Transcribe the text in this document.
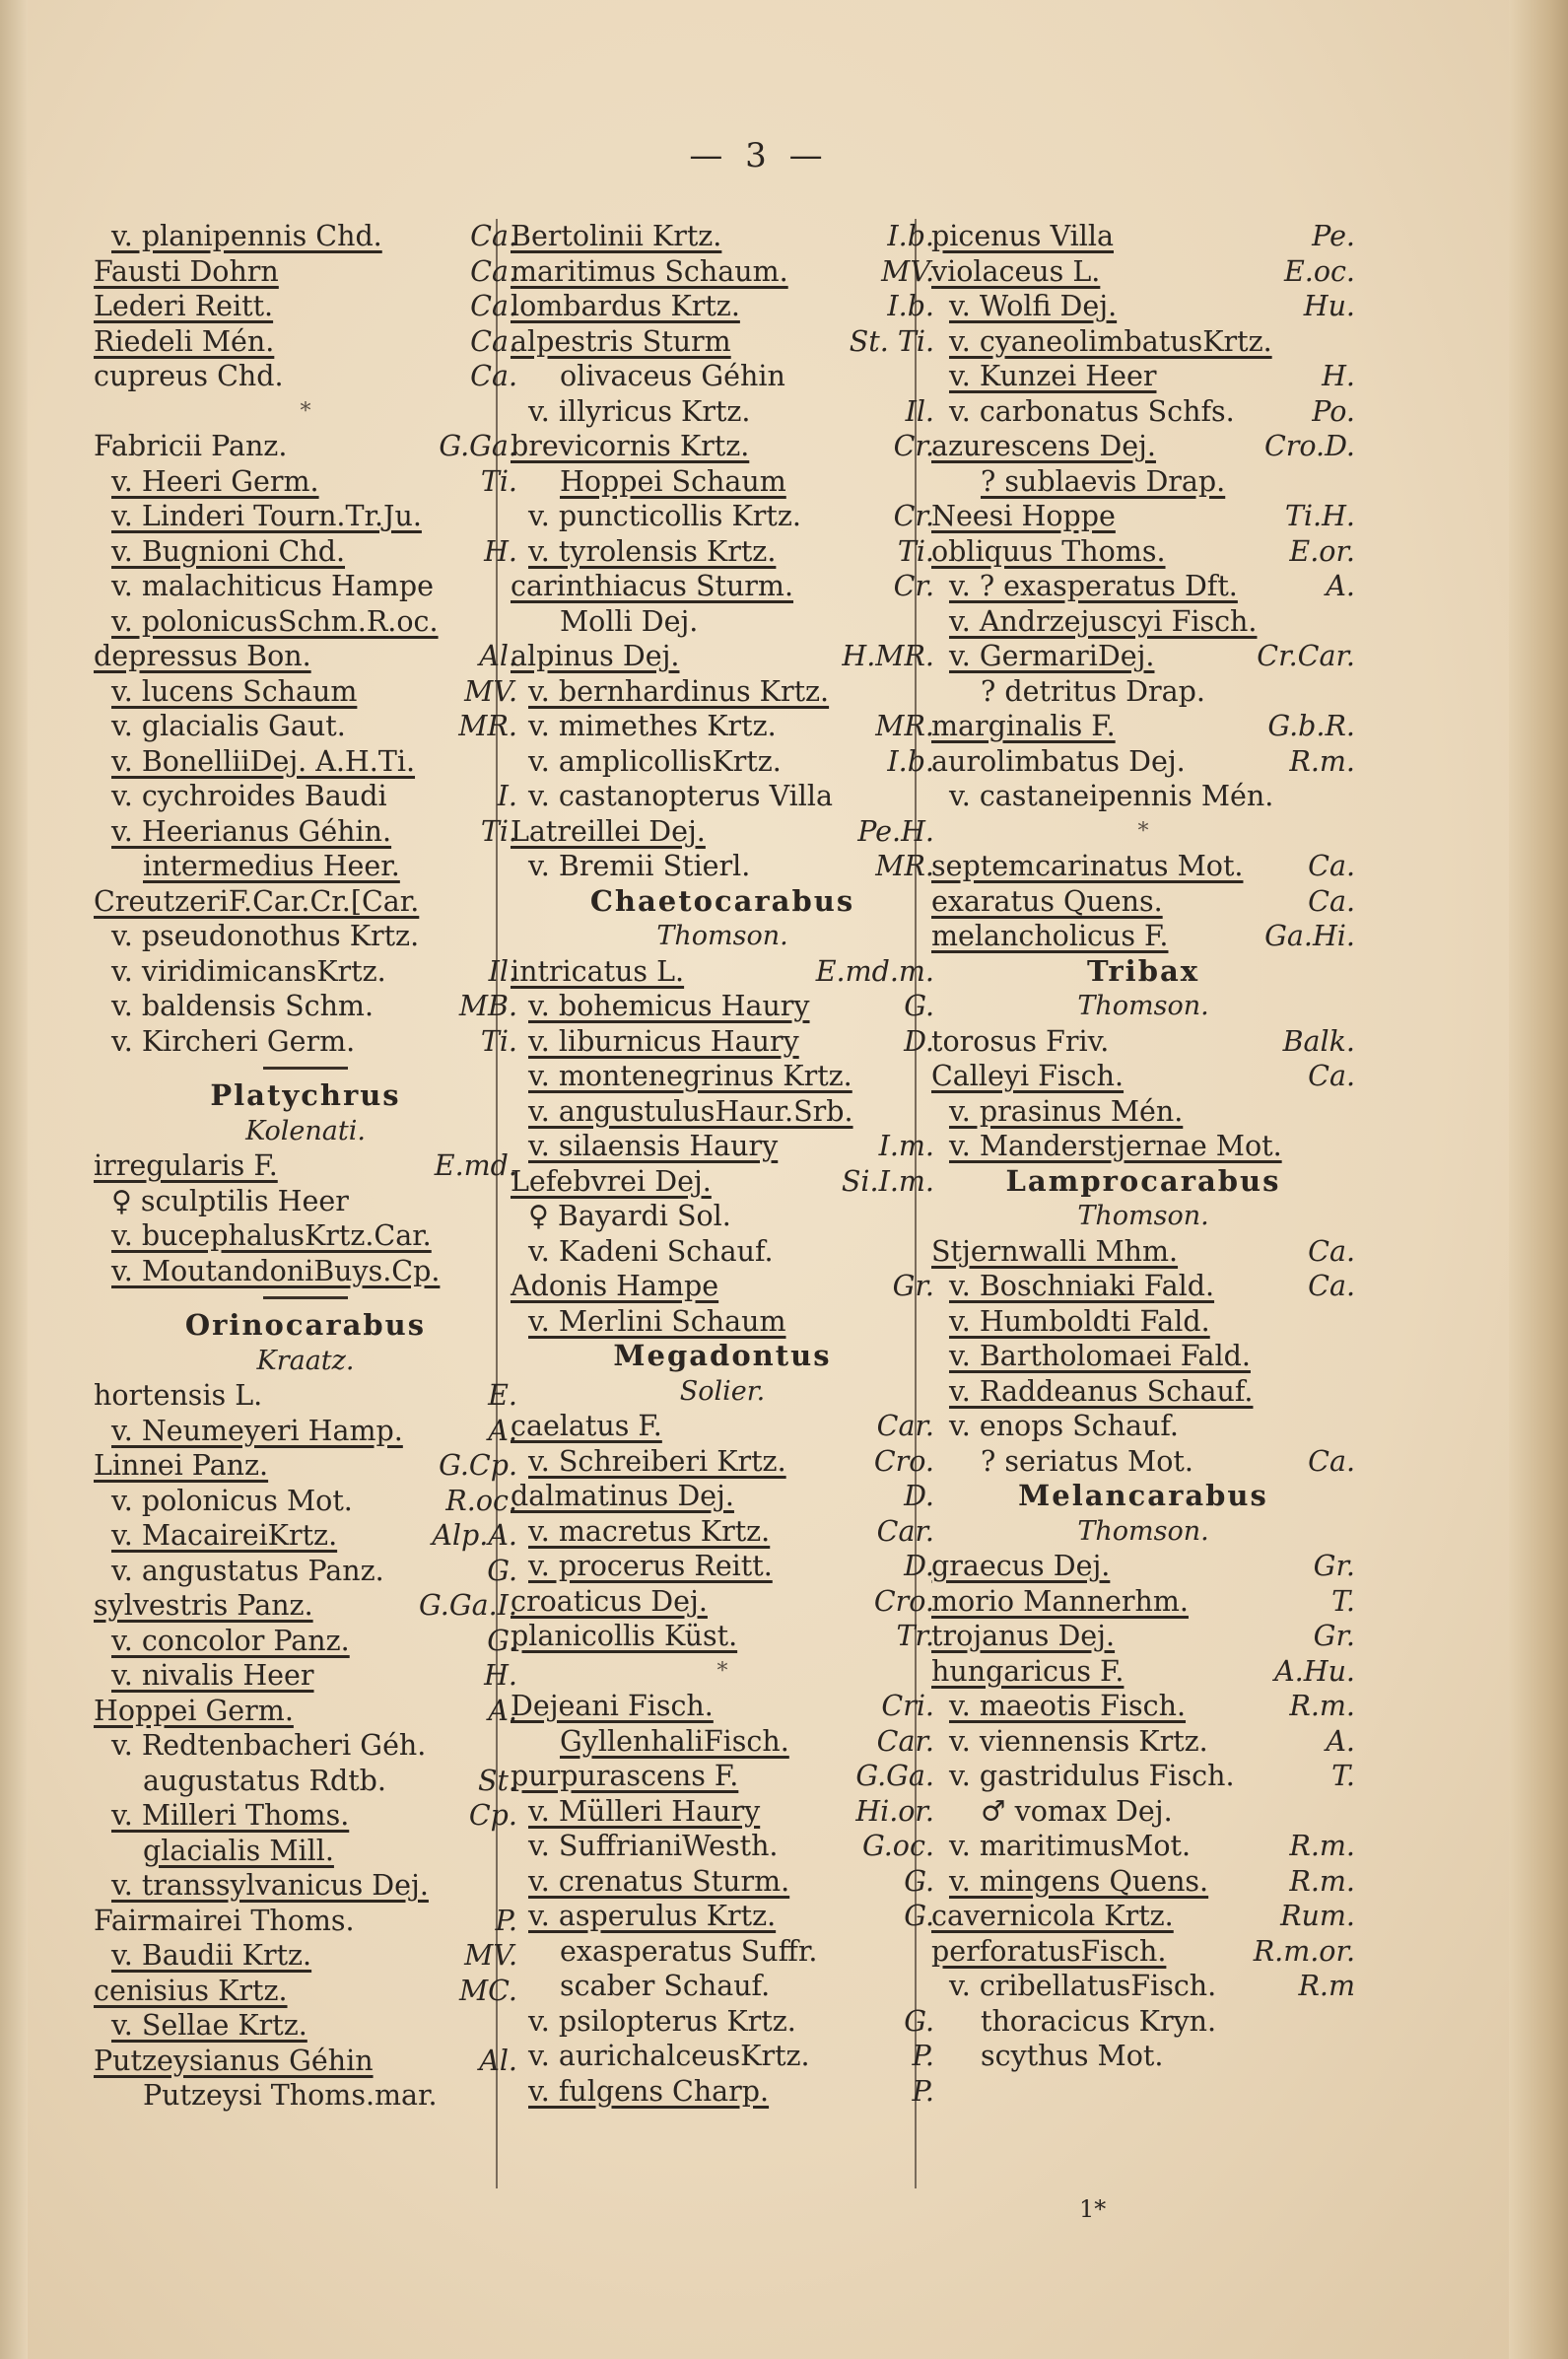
— 3 —
v. planipennis Chd.	Ca.
Fausti Dohrn	Ca.
Lederi Reitt.	Ca.
Riedeli Mén.	Ca.
cupreus Chd.	Ca.
*
Fabricii Panz.	G.Ga.
v. Heeri Germ.	Ti.
v. Linderi Tourn.Tr.Ju.
v. Bugnioni Chd.	H.
v. malachiticus Hampe
v. polonicusSchm.R.oc.
depressus Bon.	Al.
v. lucens Schaum	MV.
v. glacialis Gaut.	MR.
v. BonelliiDej. A.H.Ti.
v. cychroides Baudi	I.
v. Heerianus Géhin.	Ti.
intermedius Heer.
CreutzeriF.Car.Cr.[Car.
v. pseudonothus Krtz.
v. viridimicansKrtz.	Il.
v. baldensis Schm.	MB.
v. Kircheri Germ.	Ti.
Platychrus
Kolenati.
irregularis F.	E.md.
♀ sculptilis Heer
v. bucephalusKrtz.Car.
v. MoutandoniBuys.Cp.
Orinocarabus
Kraatz.
hortensis L.	E.
v. Neumeyeri Hamp.	A.
Linnei Panz.	G.Cp.
v. polonicus Mot.	R.oc.
v. MacaireiKrtz.	Alp.A.
v. angustatus Panz.	G.
sylvestris Panz.	G.Ga.I.
v. concolor Panz.	G.
v. nivalis Heer	H.
Hoppei Germ.	A.
v. Redtenbacheri Géh.
augustatus Rdtb.	St.
v. Milleri Thoms.	Cp.
glacialis Mill.
v. transsylvanicus Dej.
Fairmairei Thoms.	P.
v. Baudii Krtz.	MV.
cenisius Krtz.	MC.
v. Sellae Krtz.
Putzeysianus Géhin	Al.
Putzeysi Thoms.mar.
Bertolinii Krtz.	I.b.
maritimus Schaum.	MV.
lombardus Krtz.	I.b.
alpestris Sturm	St. Ti.
olivaceus Géhin
v. illyricus Krtz.	Il.
brevicornis Krtz.	Cr.
Hoppei Schaum
v. puncticollis Krtz.	Cr.
v. tyrolensis Krtz.	Ti.
carinthiacus Sturm.	Cr.
Molli Dej.
alpinus Dej.	H.MR.
v. bernhardinus Krtz.
v. mimethes Krtz.	MR.
v. amplicollisKrtz.	I.b.
v. castanopterus Villa
Latreillei Dej.	Pe.H.
v. Bremii Stierl.	MR.
Chaetocarabus
Thomson.
intricatus L.	E.md.m.
v. bohemicus Haury	G.
v. liburnicus Haury	D.
v. montenegrinus Krtz.
v. angustulusHaur.Srb.
v. silaensis Haury	I.m.
Lefebvrei Dej.	Si.I.m.
♀ Bayardi Sol.
v. Kadeni Schauf.
Adonis Hampe	Gr.
v. Merlini Schaum
Megadontus
Solier.
caelatus F.	Car.
v. Schreiberi Krtz.	Cro.
dalmatinus Dej.	D.
v. macretus Krtz.	Car.
v. procerus Reitt.	D.
croaticus Dej.	Cro.
planicollis Küst.	Tr.
*
Dejeani Fisch.	Cri.
GyllenhaliFisch.	Car.
purpurascens F.	G.Ga.
v. Mülleri Haury	Hi.or.
v. SuffrianiWesth.	G.oc.
v. crenatus Sturm.	G.
v. asperulus Krtz.	G.
exasperatus Suffr.
scaber Schauf.
v. psilopterus Krtz.	G.
v. aurichalceusKrtz.	P.
v. fulgens Charp.	P.
picenus Villa	Pe.
violaceus L.	E.oc.
v. Wolfi Dej.	Hu.
v. cyaneolimbatusKrtz.
v. Kunzei Heer	H.
v. carbonatus Schfs.	Po.
azurescens Dej.	Cro.D.
? sublaevis Drap.
Neesi Hoppe	Ti.H.
obliquus Thoms.	E.or.
v. ? exasperatus Dft.	A.
v. Andrzejuscyi Fisch.
v. GermariDej.	Cr.Car.
? detritus Drap.
marginalis F.	G.b.R.
aurolimbatus Dej.	R.m.
v. castaneipennis Mén.
*
septemcarinatus Mot. Ca.
exaratus Quens.	Ca.
melancholicus F.	Ga.Hi.
Tribax
Thomson.
torosus Friv.	Balk.
Calleyi Fisch.	Ca.
v. prasinus Mén.
v. Manderstjernae Mot.
Lamprocarabus
Thomson.
Stjernwalli Mhm.	Ca.
v. Boschniaki Fald.	Ca.
v. Humboldti Fald.
v. Bartholomaei Fald.
v. Raddeanus Schauf.
v. enops Schauf.
? seriatus Mot.	Ca.
Melancarabus
Thomson.
graecus Dej.	Gr.
morio Mannerhm.	T.
trojanus Dej.	Gr.
hungaricus F.	A.Hu.
v. maeotis Fisch.	R.m.
v. viennensis Krtz.	A.
v. gastridulus Fisch.	T.
♂ vomax Dej.
v. maritimusMot.	R.m.
v. mingens Quens.	R.m.
cavernicola Krtz.	Rum.
perforatusFisch.	R.m.or.
v. cribellatusFisch.	R.m
thoracicus Kryn.
scythus Mot.
1*
